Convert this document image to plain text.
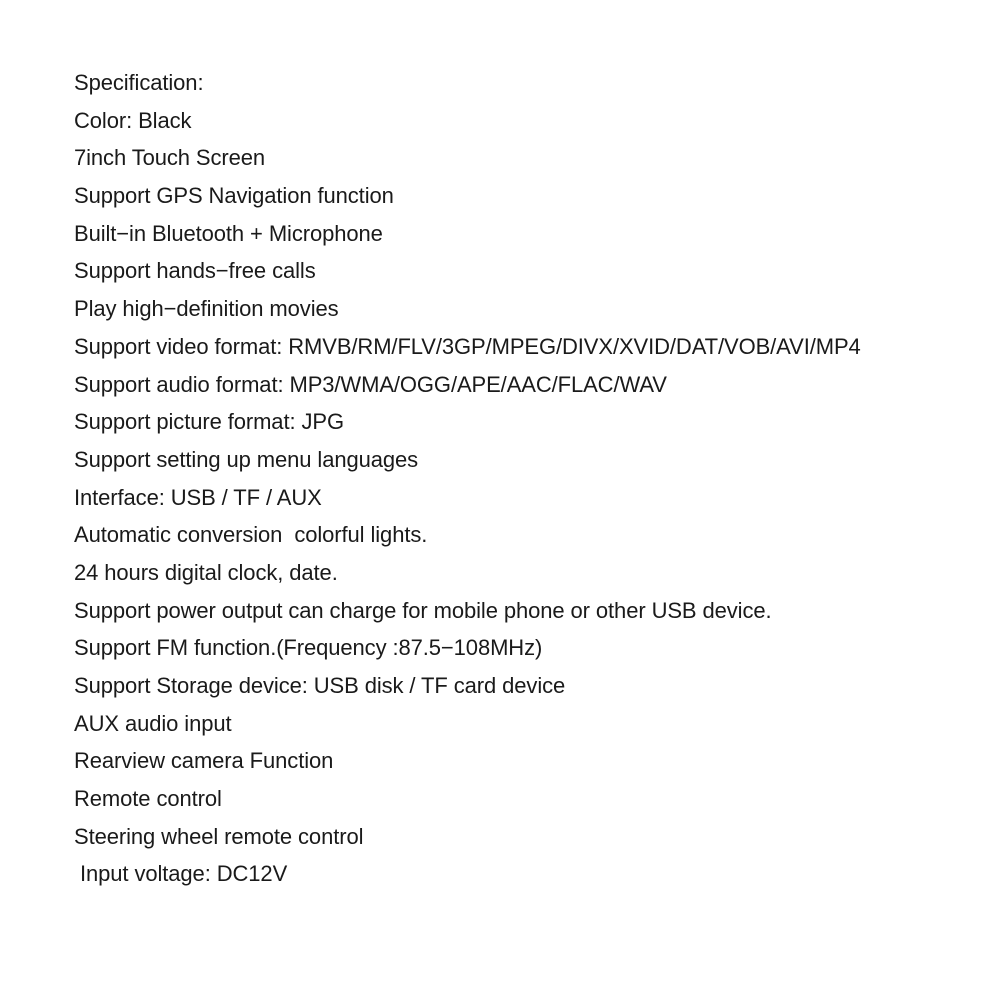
Specification:
Color: Black
7inch Touch Screen
Support GPS Navigation function
Built−in Bluetooth + Microphone
Support hands−free calls
Play high−definition movies
Support video format: RMVB/RM/FLV/3GP/MPEG/DIVX/XVID/DAT/VOB/AVI/MP4
Support audio format: MP3/WMA/OGG/APE/AAC/FLAC/WAV
Support picture format: JPG
Support setting up menu languages
Interface: USB / TF / AUX
Automatic conversion  colorful lights.
24 hours digital clock, date.
Support power output can charge for mobile phone or other USB device.
Support FM function.(Frequency :87.5−108MHz)
Support Storage device: USB disk / TF card device
AUX audio input
Rearview camera Function
Remote control
Steering wheel remote control
Input voltage: DC12V
